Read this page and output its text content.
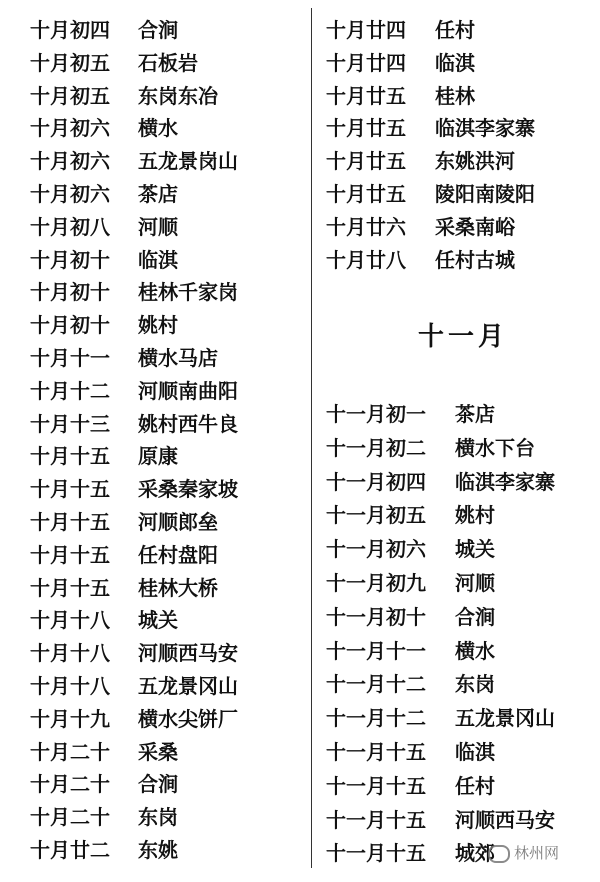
十月初四	合涧
十月初五	石板岩
十月初五	东岗东冶
十月初六	横水
十月初六	五龙景岗山
十月初六	茶店
十月初八	河顺
十月初十	临淇
十月初十	桂林千家岗
十月初十	姚村
十月十一	横水马店
十月十二	河顺南曲阳
十月十三	姚村西牛良
十月十五	原康
十月十五	采桑秦家坡
十月十五	河顺郎垒
十月十五	任村盘阳
十月十五	桂林大桥
十月十八	城关
十月十八	河顺西马安
十月十八	五龙景冈山
十月十九	横水尖饼厂
十月二十	采桑
十月二十	合涧
十月二十	东岗
十月廿二	东姚
十一月
十月廿四	任村
十月廿四	临淇
十月廿五	桂林
十月廿五	临淇李家寨
十月廿五	东姚洪河
十月廿五	陵阳南陵阳
十月廿六	采桑南峪
十月廿八	任村古城
十一月初一	茶店
十一月初二	横水下台
十一月初四	临淇李家寨
十一月初五	姚村
十一月初六	城关
十一月初九	河顺
十一月初十	合涧
十一月十一	横水
十一月十二	东岗
十一月十二	五龙景冈山
十一月十五	临淇
十一月十五	任村
十一月十五	河顺西马安
十一月十五	城郊	林州网
